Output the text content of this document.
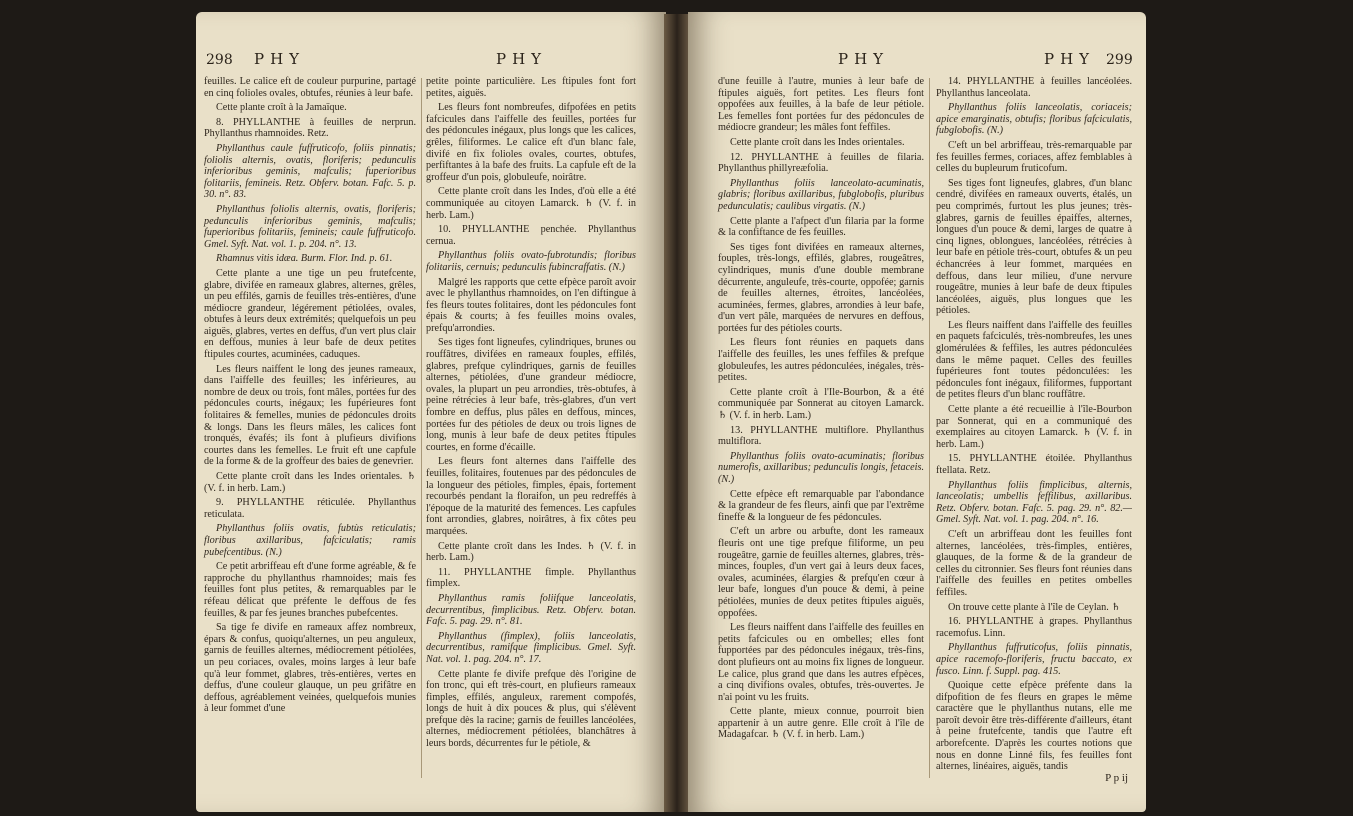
298 PHY	PHY

feuilles. Le calice eft de couleur purpurine, partagé en cinq folioles ovales, obtufes, réunies à leur bafe.

Cette plante croît à la Jamaïque.

8. PHYLLANTHE à feuilles de nerprun. Phyllanthus rhamnoides. Retz.

Phyllanthus caule fuffruticofo, foliis pinnatis; foliolis alternis, ovatis, floriferis; pedunculis inferioribus geminis, mafculis; fuperioribus folitariis, femineis. Retz. Obferv. botan. Fafc. 5. p. 30. n°. 83.

Phyllanthus foliolis alternis, ovatis, floriferis; pedunculis inferioribus geminis, mafculis; fuperioribus folitariis, femineis; caule fuffruticofo. Gmel. Syft. Nat. vol. 1. p. 204. n°. 13.

Rhamnus vitis idæa. Burm. Flor. Ind. p. 61.

Cette plante a une tige un peu frutefcente, glabre, divifée en rameaux glabres, alternes, grêles, un peu effilés, garnis de feuilles très-entières, d'une médiocre grandeur, légérement pétiolées, ovales, obtufes à leurs deux extrémités; quelquefois un peu aiguës, glabres, vertes en deffus, d'un vert plus clair en deffous, munies à leur bafe de deux petites ftipules courtes, acuminées, caduques.

Les fleurs naiffent le long des jeunes rameaux, dans l'aiffelle des feuilles; les inférieures, au nombre de deux ou trois, font mâles, portées fur des pédoncules courts, inégaux; les fupérieures font folitaires & femelles, munies de pédoncules droits & longs. Dans les fleurs mâles, les calices font tronqués, évafés; ils font à plufieurs divifions courtes dans les femelles. Le fruit eft une capfule de la forme & de la groffeur des baies de genevrier.

Cette plante croît dans les Indes orientales. ♄ (V. f. in herb. Lam.)

9. PHYLLANTHE réticulée. Phyllanthus reticulata.

Phyllanthus foliis ovatis, fubtùs reticulatis; floribus axillaribus, fafciculatis; ramis pubefcentibus. (N.)

Ce petit arbriffeau eft d'une forme agréable, & fe rapproche du phyllanthus rhamnoides; mais fes feuilles font plus petites, & remarquables par le réfeau délicat que préfente le deffous de fes feuilles, & par fes jeunes branches pubefcentes.

Sa tige fe divife en rameaux affez nombreux, épars & confus, quoiqu'alternes, un peu anguleux, garnis de feuilles alternes, médiocrement pétiolées, un peu coriaces, ovales, moins larges à leur bafe qu'à leur fommet, glabres, très-entières, vertes en deffus, d'une couleur glauque, un peu grifâtre en deffous, agréablement veinées, quelquefois munies à leur fommet d'une

petite pointe particulière. Les ftipules font fort petites, aiguës.

Les fleurs font nombreufes, difpofées en petits fafcicules dans l'aiffelle des feuilles, portées fur des pédoncules inégaux, plus longs que les calices, grêles, filiformes. Le calice eft d'un blanc fale, divifé en fix folioles ovales, courtes, obtufes, perfiftantes à la bafe des fruits. La capfule eft de la groffeur d'un pois, globuleufe, noirâtre.

Cette plante croît dans les Indes, d'où elle a été communiquée au citoyen Lamarck. ♄ (V. f. in herb. Lam.)

10. PHYLLANTHE penchée. Phyllanthus cernua.

Phyllanthus foliis ovato-fubrotundis; floribus folitariis, cernuis; pedunculis fubincraffatis. (N.)

Malgré les rapports que cette efpèce paroît avoir avec le phyllanthus rhamnoides, on l'en diftingue à fes fleurs toutes folitaires, dont les pédoncules font épais & courts; à fes feuilles moins ovales, prefqu'arrondies.

Ses tiges font ligneufes, cylindriques, brunes ou rouffâtres, divifées en rameaux fouples, effilés, glabres, prefque cylindriques, garnis de feuilles alternes, pétiolées, d'une grandeur médiocre, ovales, la plupart un peu arrondies, très-obtufes, à peine rétrécies à leur bafe, très-glabres, d'un vert fombre en deffus, plus pâles en deffous, minces, portées fur des pétioles de deux ou trois lignes de long, munis à leur bafe de deux petites ftipules courtes, en forme d'écaille.

Les fleurs font alternes dans l'aiffelle des feuilles, folitaires, foutenues par des pédoncules de la longueur des pétioles, fimples, épais, fortement recourbés pendant la floraifon, un peu redreffés à l'époque de la maturité des femences. Les capfules font arrondies, glabres, noirâtres, à fix côtes peu marquées.

Cette plante croît dans les Indes. ♄ (V. f. in herb. Lam.)

11. PHYLLANTHE fimple. Phyllanthus fimplex.

Phyllanthus ramis foliifque lanceolatis, decurrentibus, fimplicibus. Retz. Obferv. botan. Fafc. 5. pag. 29. n°. 81.

Phyllanthus (fimplex), foliis lanceolatis, decurrentibus, ramifque fimplicibus. Gmel. Syft. Nat. vol. 1. pag. 204. n°. 17.

Cette plante fe divife prefque dès l'origine de fon tronc, qui eft très-court, en plufieurs rameaux fimples, effilés, anguleux, rarement compofés, longs de huit à dix pouces & plus, qui s'élèvent prefque dès la racine; garnis de feuilles lancéolées, alternes, médiocrement pétiolées, blanchâtres à leurs bords, décurrentes fur le pétiole, &

PHY	PHY 299

d'une feuille à l'autre, munies à leur bafe de ftipules aiguës, fort petites. Les fleurs font oppofées aux feuilles, à la bafe de leur pétiole. Les femelles font portées fur des pédoncules de médiocre grandeur; les mâles font feffiles.

Cette plante croît dans les Indes orientales.

12. PHYLLANTHE à feuilles de filaria. Phyllanthus phillyreæfolia.

Phyllanthus foliis lanceolato-acuminatis, glabris; floribus axillaribus, fubglobofis, pluribus pedunculatis; caulibus virgatis. (N.)

Cette plante a l'afpect d'un filaria par la forme & la confiftance de fes feuilles.

Ses tiges font divifées en rameaux alternes, fouples, très-longs, effilés, glabres, rougeâtres, cylindriques, munis d'une double membrane décurrente, anguleufe, très-courte, oppofée; garnis de feuilles alternes, étroites, lancéolées, acuminées, fermes, glabres, arrondies à leur bafe, d'un vert pâle, marquées de nervures en deffous, portées fur des pétioles courts.

Les fleurs font réunies en paquets dans l'aiffelle des feuilles, les unes feffiles & prefque globuleufes, les autres pédonculées, inégales, très-petites.

Cette plante croît à l'Ile-Bourbon, & a été communiquée par Sonnerat au citoyen Lamarck. ♄ (V. f. in herb. Lam.)

13. PHYLLANTHE multiflore. Phyllanthus multiflora.

Phyllanthus foliis ovato-acuminatis; floribus numerofis, axillaribus; pedunculis longis, fetaceis. (N.)

Cette efpèce eft remarquable par l'abondance & la grandeur de fes fleurs, ainfi que par l'extrême fineffe & la longueur de fes pédoncules.

C'eft un arbre ou arbufte, dont les rameaux fleuris ont une tige prefque filiforme, un peu rougeâtre, garnie de feuilles alternes, glabres, très-minces, fouples, d'un vert gai à leurs deux faces, ovales, acuminées, élargies & prefqu'en cœur à leur bafe, longues d'un pouce & demi, à peine pétiolées, munies de deux petites ftipules aiguës, oppofées.

Les fleurs naiffent dans l'aiffelle des feuilles en petits fafcicules ou en ombelles; elles font fupportées par des pédoncules inégaux, très-fins, dont plufieurs ont au moins fix lignes de longueur. Le calice, plus grand que dans les autres efpèces, a cinq divifions ovales, obtufes, très-ouvertes. Je n'ai point vu les fruits.

Cette plante, mieux connue, pourroit bien appartenir à un autre genre. Elle croît à l'île de Madagafcar. ♄ (V. f. in herb. Lam.)

14. PHYLLANTHE à feuilles lancéolées. Phyllanthus lanceolata.

Phyllanthus foliis lanceolatis, coriaceis; apice emarginatis, obtufis; floribus fafciculatis, fubglobofis. (N.)

C'eft un bel arbriffeau, très-remarquable par fes feuilles fermes, coriaces, affez femblables à celles du bupleurum fruticofum.

Ses tiges font ligneufes, glabres, d'un blanc cendré, divifées en rameaux ouverts, étalés, un peu comprimés, furtout les plus jeunes; très-glabres, garnis de feuilles épaiffes, alternes, longues d'un pouce & demi, larges de quatre à cinq lignes, oblongues, lancéolées, rétrécies à leur bafe en pétiole très-court, obtufes & un peu échancrées à leur fommet, marquées en deffous, dans leur milieu, d'une nervure rougeâtre, munies à leur bafe de deux ftipules lancéolées, aiguës, plus longues que les pétioles.

Les fleurs naiffent dans l'aiffelle des feuilles en paquets fafciculés, très-nombreufes, les unes glomérulées & feffiles, les autres pédonculées dans le même paquet. Celles des feuilles fupérieures font toutes pédonculées: les pédoncules font inégaux, filiformes, fupportant de petites fleurs d'un blanc rouffâtre.

Cette plante a été recueillie à l'île-Bourbon par Sonnerat, qui en a communiqué des exemplaires au citoyen Lamarck. ♄ (V. f. in herb. Lam.)

15. PHYLLANTHE étoilée. Phyllanthus ftellata. Retz.

Phyllanthus foliis fimplicibus, alternis, lanceolatis; umbellis feffilibus, axillaribus. Retz. Obferv. botan. Fafc. 5. pag. 29. n°. 82.— Gmel. Syft. Nat. vol. 1. pag. 204. n°. 16.

C'eft un arbriffeau dont les feuilles font alternes, lancéolées, très-fimples, entières, glauques, de la forme & de la grandeur de celles du citronnier. Ses fleurs font réunies dans l'aiffelle des feuilles en petites ombelles feffiles.

On trouve cette plante à l'île de Ceylan. ♄

16. PHYLLANTHE à grapes. Phyllanthus racemofus. Linn.

Phyllanthus fuffruticofus, foliis pinnatis, apice racemofo-floriferis, fructu baccato, ex fusco. Linn. f. Suppl. pag. 415.

Quoique cette efpèce préfente dans la difpofition de fes fleurs en grapes le même caractère que le phyllanthus nutans, elle me paroît devoir être très-différente d'ailleurs, étant à peine frutefcente, tandis que l'autre eft arborefcente. D'après les courtes notions que nous en donne Linné fils, fes feuilles font alternes, linéaires, aiguës, tandis

P p ij
